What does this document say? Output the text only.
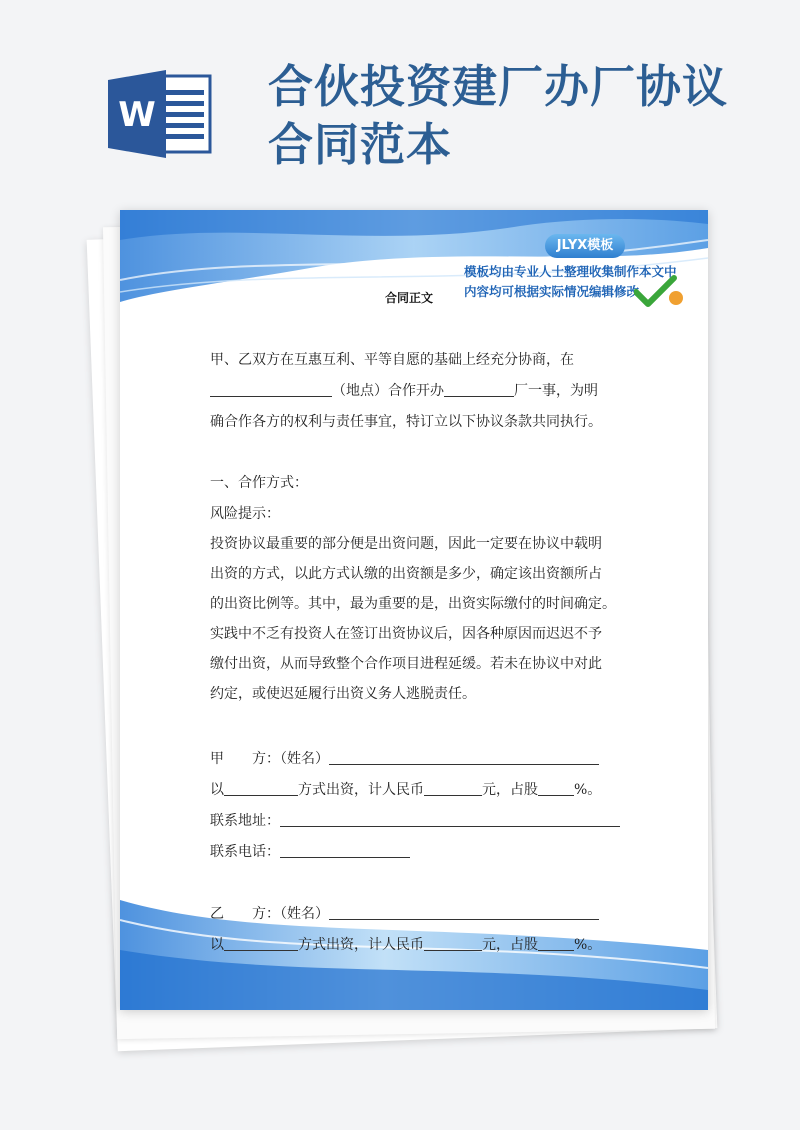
W
合伙投资建厂办厂协议合同范本
JLYX模板
模板均由专业人士整理收集制作本文中
内容均可根据实际情况编辑修改
合同正文
甲、乙双方在互惠互利、平等自愿的基础上经充分协商，在
（地点）合作开办	厂一事，为明
确合作各方的权利与责任事宜，特订立以下协议条款共同执行。
一、合作方式：
风险提示：
投资协议最重要的部分便是出资问题，因此一定要在协议中载明
出资的方式，以此方式认缴的出资额是多少，确定该出资额所占
的出资比例等。其中，最为重要的是，出资实际缴付的时间确定。
实践中不乏有投资人在签订出资协议后，因各种原因而迟迟不予
缴付出资，从而导致整个合作项目进程延缓。若未在协议中对此
约定，或使迟延履行出资义务人逃脱责任。
甲　　方：（姓名）
以	方式出资，计人民币	元，占股	%。
联系地址：
联系电话：
乙　　方：（姓名）
以	方式出资，计人民币	元，占股	%。
